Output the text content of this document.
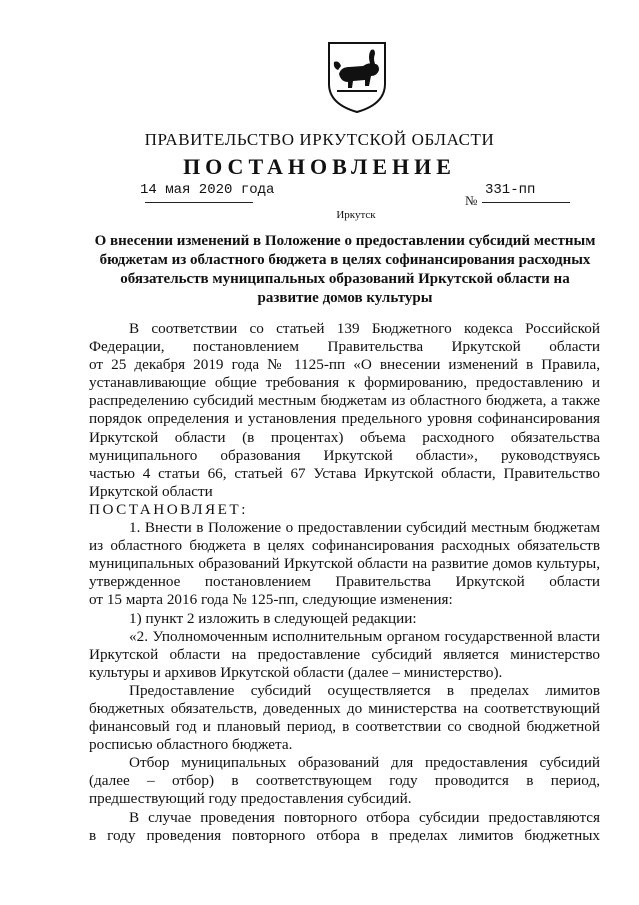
ПРАВИТЕЛЬСТВО ИРКУТСКОЙ ОБЛАСТИ
ПОСТАНОВЛЕНИЕ
14 мая 2020 года
№
331-пп
Иркутск
О внесении изменений в Положение о предоставлении субсидий местным бюджетам из областного бюджета в целях софинансирования расходных обязательств муниципальных образований Иркутской области на развитие домов культуры

В соответствии со статьей 139 Бюджетного кодекса Российской

Федерации, постановлением Правительства Иркутской области

от 25 декабря 2019 года № 1125-пп «О внесении изменений в Правила,

устанавливающие общие требования к формированию, предоставлению и

распределению субсидий местным бюджетам из областного бюджета, а также

порядок определения и установления предельного уровня софинансирования

Иркутской области (в процентах) объема расходного обязательства

муниципального образования Иркутской области», руководствуясь

частью 4 статьи 66, статьей 67 Устава Иркутской области, Правительство

Иркутской области

ПОСТАНОВЛЯЕТ:

1. Внести в Положение о предоставлении субсидий местным бюджетам

из областного бюджета в целях софинансирования расходных обязательств

муниципальных образований Иркутской области на развитие домов культуры,

утвержденное постановлением Правительства Иркутской области

от 15 марта 2016 года № 125-пп, следующие изменения:

1) пункт 2 изложить в следующей редакции:

«2. Уполномоченным исполнительным органом государственной власти

Иркутской области на предоставление субсидий является министерство

культуры и архивов Иркутской области (далее – министерство).

Предоставление субсидий осуществляется в пределах лимитов

бюджетных обязательств, доведенных до министерства на соответствующий

финансовый год и плановый период, в соответствии со сводной бюджетной

росписью областного бюджета.

Отбор муниципальных образований для предоставления субсидий

(далее – отбор) в соответствующем году проводится в период,

предшествующий году предоставления субсидий.

В случае проведения повторного отбора субсидии предоставляются

в году проведения повторного отбора в пределах лимитов бюджетных
